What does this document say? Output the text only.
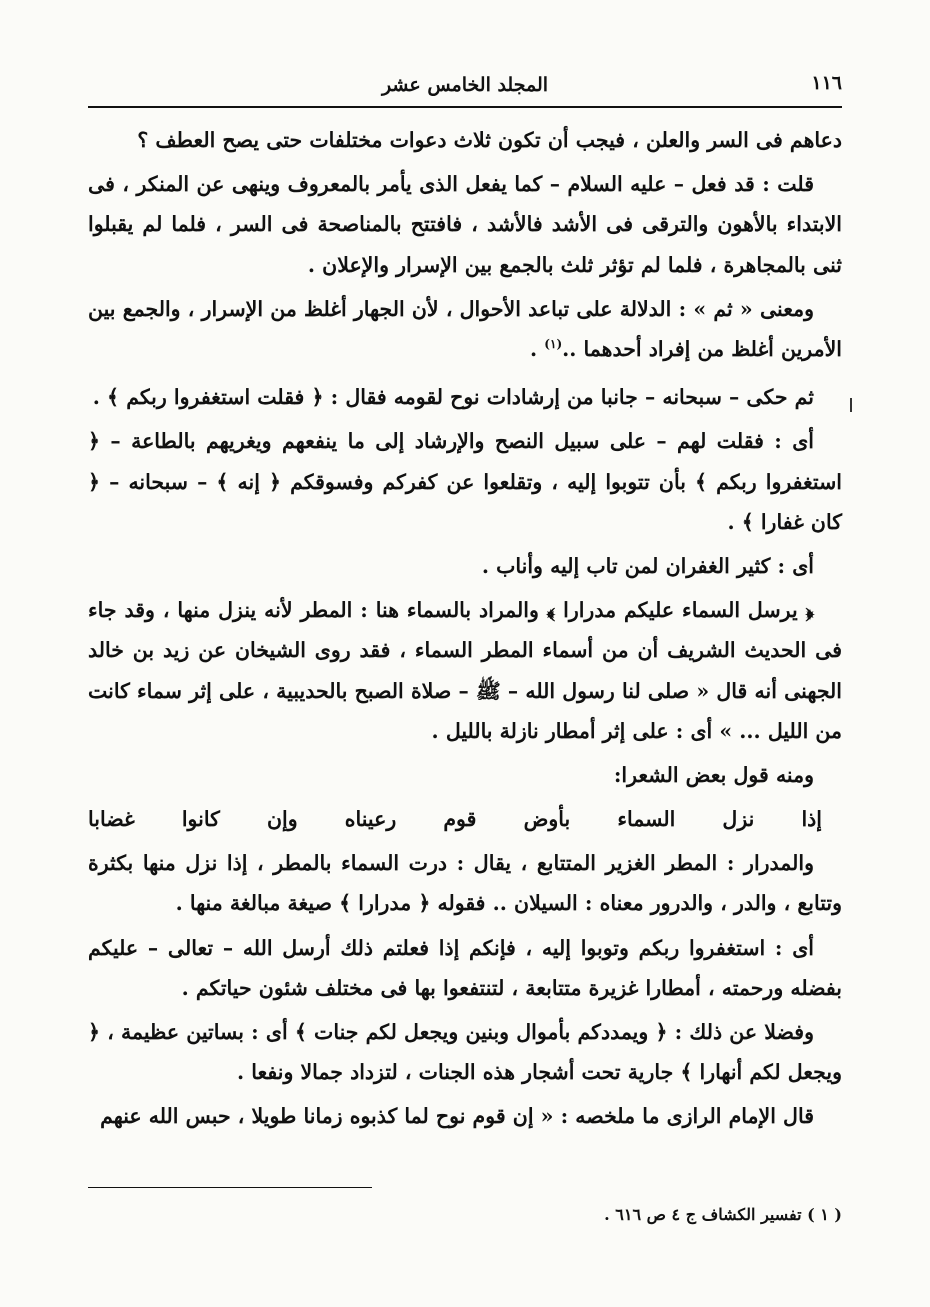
١١٦
المجلد الخامس عشر

دعاهم فى السر والعلن ، فيجب أن تكون ثلاث دعوات مختلفات حتى يصح العطف ؟

قلت : قد فعل – عليه السلام – كما يفعل الذى يأمر بالمعروف وينهى عن المنكر ، فى الابتداء بالأهون والترقى فى الأشد فالأشد ، فافتتح بالمناصحة فى السر ، فلما لم يقبلوا ثنى بالمجاهرة ، فلما لم تؤثر ثلث بالجمع بين الإسرار والإعلان .

ومعنى « ثم » : الدلالة على تباعد الأحوال ، لأن الجهار أغلظ من الإسرار ، والجمع بين الأمرين أغلظ من إفراد أحدهما ..$^{(١)}$ .

ثم حكى – سبحانه – جانبا من إرشادات نوح لقومه فقال : ﴿ فقلت استغفروا ربكم ﴾ .

أى : فقلت لهم – على سبيل النصح والإرشاد إلى ما ينفعهم ويغريهم بالطاعة – ﴿ استغفروا ربكم ﴾ بأن تتوبوا إليه ، وتقلعوا عن كفركم وفسوقكم ﴿ إنه ﴾ – سبحانه – ﴿ كان غفارا ﴾ .

أى : كثير الغفران لمن تاب إليه وأناب .

﴿ يرسل السماء عليكم مدرارا ﴾ والمراد بالسماء هنا : المطر لأنه ينزل منها ، وقد جاء فى الحديث الشريف أن من أسماء المطر السماء ، فقد روى الشيخان عن زيد بن خالد الجهنى أنه قال « صلى لنا رسول الله – ﷺ – صلاة الصبح بالحديبية ، على إثر سماء كانت من الليل ... » أى : على إثر أمطار نازلة بالليل .

ومنه قول بعض الشعرا:

إذا نزل السماء بأوض قوم رعيناه وإن كانوا غضابا

والمدرار : المطر الغزير المتتابع ، يقال : درت السماء بالمطر ، إذا نزل منها بكثرة وتتابع ، والدر ، والدرور معناه : السيلان .. فقوله ﴿ مدرارا ﴾ صيغة مبالغة منها .

أى : استغفروا ربكم وتوبوا إليه ، فإنكم إذا فعلتم ذلك أرسل الله – تعالى – عليكم بفضله ورحمته ، أمطارا غزيرة متتابعة ، لتنتفعوا بها فى مختلف شئون حياتكم .

وفضلا عن ذلك : ﴿ ويمددكم بأموال وبنين ويجعل لكم جنات ﴾ أى : بساتين عظيمة ، ﴿ ويجعل لكم أنهارا ﴾ جارية تحت أشجار هذه الجنات ، لتزداد جمالا ونفعا .

قال الإمام الرازى ما ملخصه : « إن قوم نوح لما كذبوه زمانا طويلا ، حبس الله عنهم

( ١ ) تفسير الكشاف ج ٤ ص ٦١٦ .
